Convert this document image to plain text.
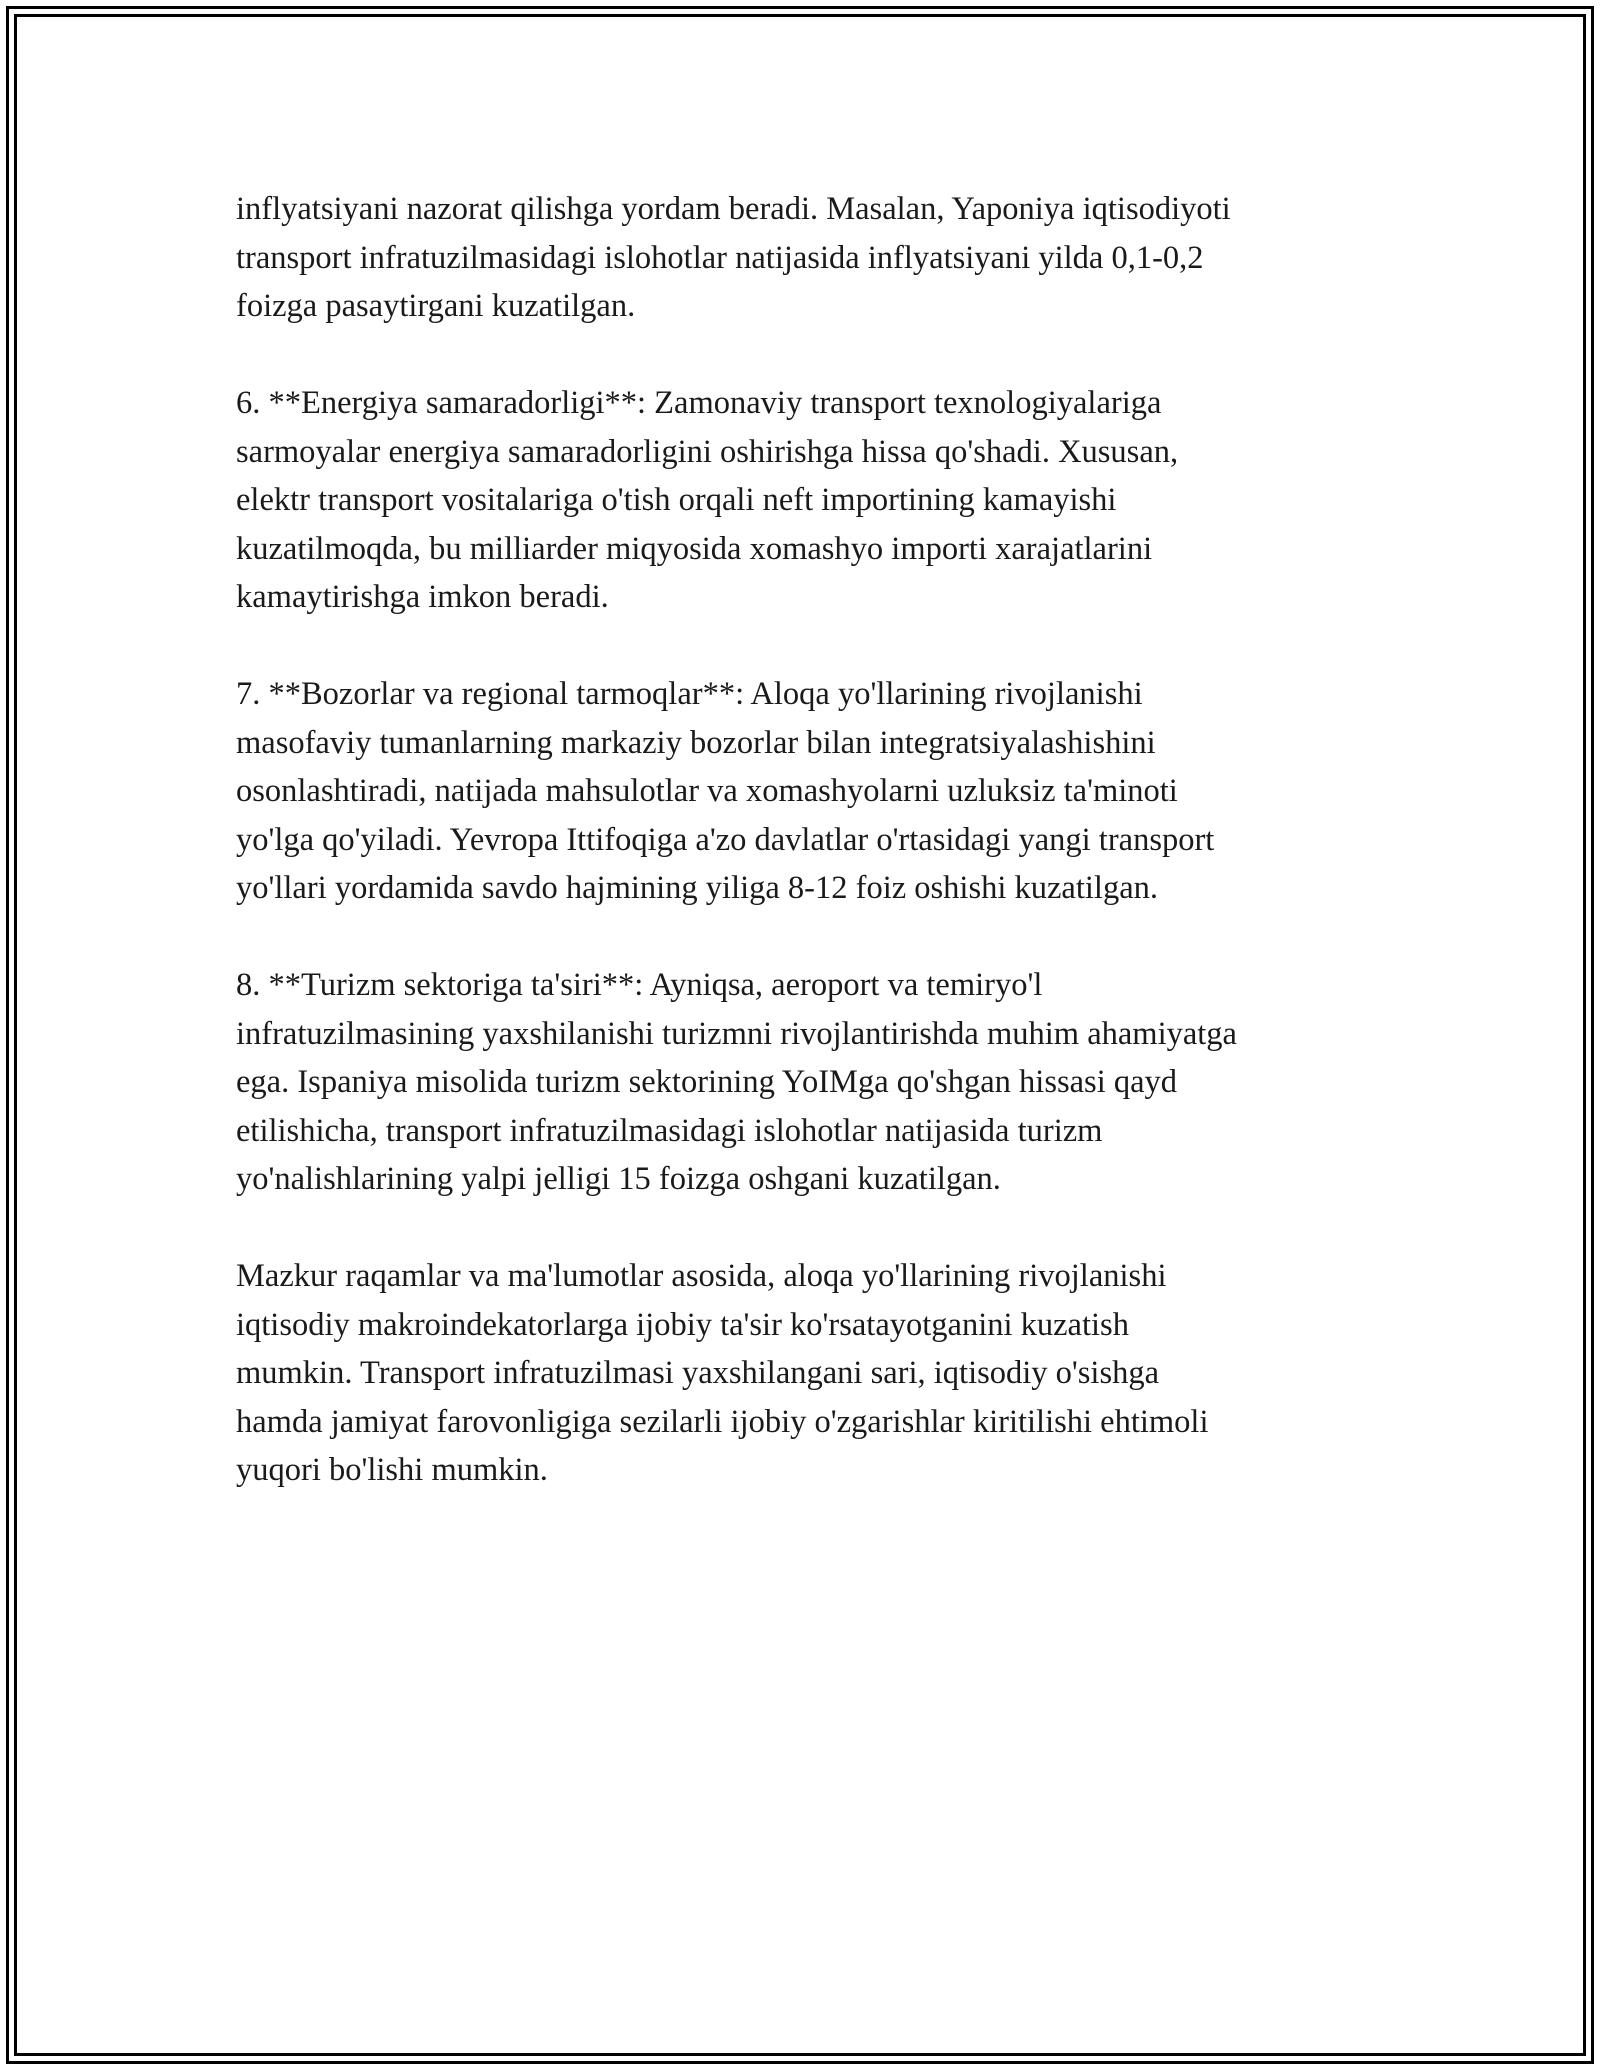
inflyatsiyani nazorat qilishga yordam beradi. Masalan, Yaponiya iqtisodiyoti
transport infratuzilmasidagi islohotlar natijasida inflyatsiyani yilda 0,1-0,2
foizga pasaytirgani kuzatilgan.

6. **Energiya samaradorligi**: Zamonaviy transport texnologiyalariga
sarmoyalar energiya samaradorligini oshirishga hissa qo'shadi. Xususan,
elektr transport vositalariga o'tish orqali neft importining kamayishi
kuzatilmoqda, bu milliarder miqyosida xomashyo importi xarajatlarini
kamaytirishga imkon beradi.

7. **Bozorlar va regional tarmoqlar**: Aloqa yo'llarining rivojlanishi
masofaviy tumanlarning markaziy bozorlar bilan integratsiyalashishini
osonlashtiradi, natijada mahsulotlar va xomashyolarni uzluksiz ta'minoti
yo'lga qo'yiladi. Yevropa Ittifoqiga a'zo davlatlar o'rtasidagi yangi transport
yo'llari yordamida savdo hajmining yiliga 8-12 foiz oshishi kuzatilgan.

8. **Turizm sektoriga ta'siri**: Ayniqsa, aeroport va temiryo'l
infratuzilmasining yaxshilanishi turizmni rivojlantirishda muhim ahamiyatga
ega. Ispaniya misolida turizm sektorining YoIMga qo'shgan hissasi qayd
etilishicha, transport infratuzilmasidagi islohotlar natijasida turizm
yo'nalishlarining yalpi jelligi 15 foizga oshgani kuzatilgan.

Mazkur raqamlar va ma'lumotlar asosida, aloqa yo'llarining rivojlanishi
iqtisodiy makroindekatorlarga ijobiy ta'sir ko'rsatayotganini kuzatish
mumkin. Transport infratuzilmasi yaxshilangani sari, iqtisodiy o'sishga
hamda jamiyat farovonligiga sezilarli ijobiy o'zgarishlar kiritilishi ehtimoli
yuqori bo'lishi mumkin.
